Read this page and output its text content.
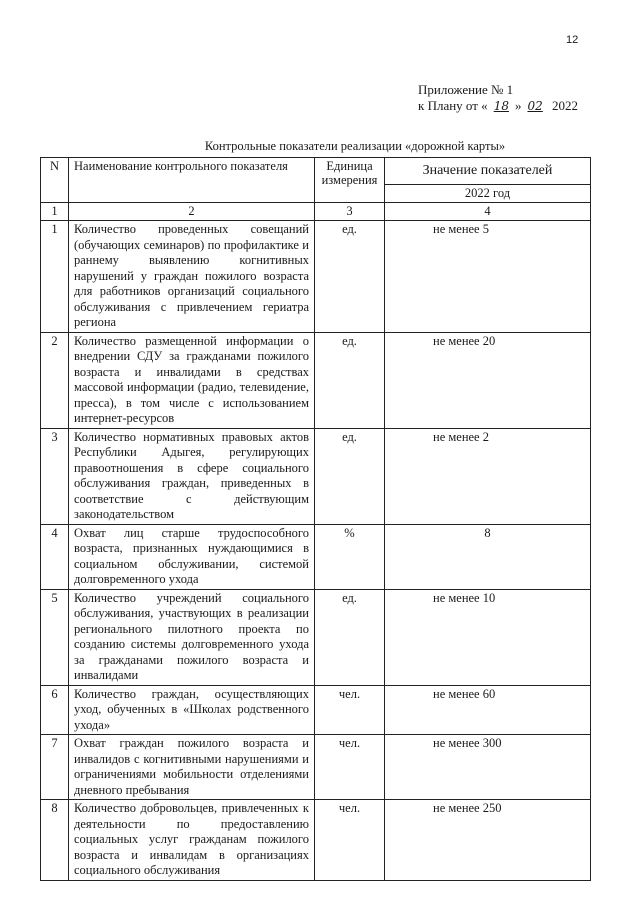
12
Приложение № 1
к Плану от « 18 » 02 2022
Контрольные показатели реализации «дорожной карты»
N	Наименование контрольного показателя	Единица измерения	Значение показателей
			2022 год
1	2	3	4
1	Количество проведенных совещаний (обучающих семинаров) по профилактике и раннему выявлению когнитивных нарушений у граждан пожилого возраста для работников организаций социального обслуживания с привлечением гериатра региона	ед.	не менее 5
2	Количество размещенной информации о внедрении СДУ за гражданами пожилого возраста и инвалидами в средствах массовой информации (радио, телевидение, пресса), в том числе с использованием интернет-ресурсов	ед.	не менее 20
3	Количество нормативных правовых актов Республики Адыгея, регулирующих правоотношения в сфере социального обслуживания граждан, приведенных в соответствие с действующим законодательством	ед.	не менее 2
4	Охват лиц старше трудоспособного возраста, признанных нуждающимися в социальном обслуживании, системой долговременного ухода	%	8
5	Количество учреждений социального обслуживания, участвующих в реализации регионального пилотного проекта по созданию системы долговременного ухода за гражданами пожилого возраста и инвалидами	ед.	не менее 10
6	Количество граждан, осуществляющих уход, обученных в «Школах родственного ухода»	чел.	не менее 60
7	Охват граждан пожилого возраста и инвалидов с когнитивными нарушениями и ограничениями мобильности отделениями дневного пребывания	чел.	не менее 300
8	Количество добровольцев, привлеченных к деятельности по предоставлению социальных услуг гражданам пожилого возраста и инвалидам в организациях социального обслуживания	чел.	не менее 250
